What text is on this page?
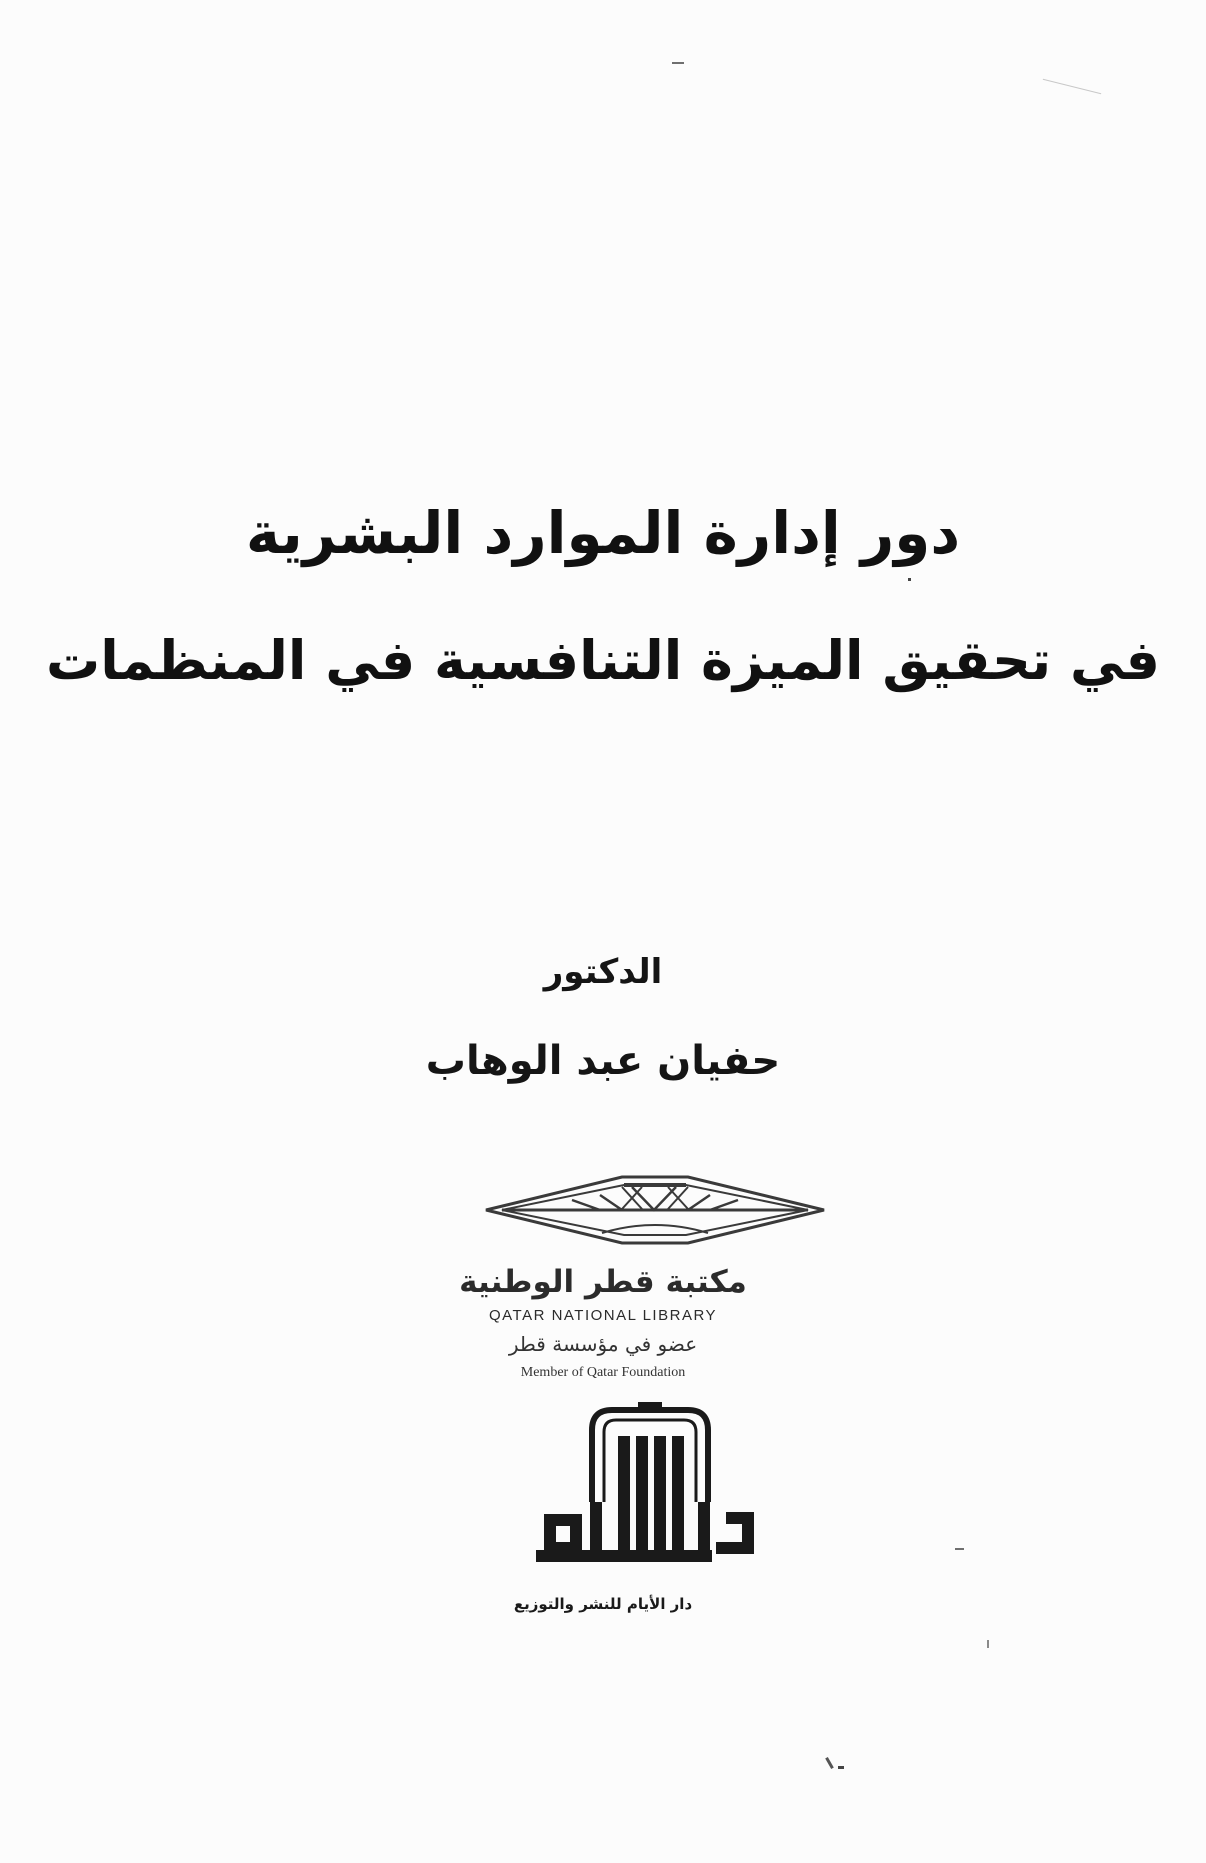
دور إدارة الموارد البشرية
في تحقيق الميزة التنافسية في المنظمات
الدكتور
حفيان عبد الوهاب
مكتبة قطر الوطنية
QATAR NATIONAL LIBRARY
عضو في مؤسسة قطر
Member of Qatar Foundation
دار الأيام للنشر والتوزيع
